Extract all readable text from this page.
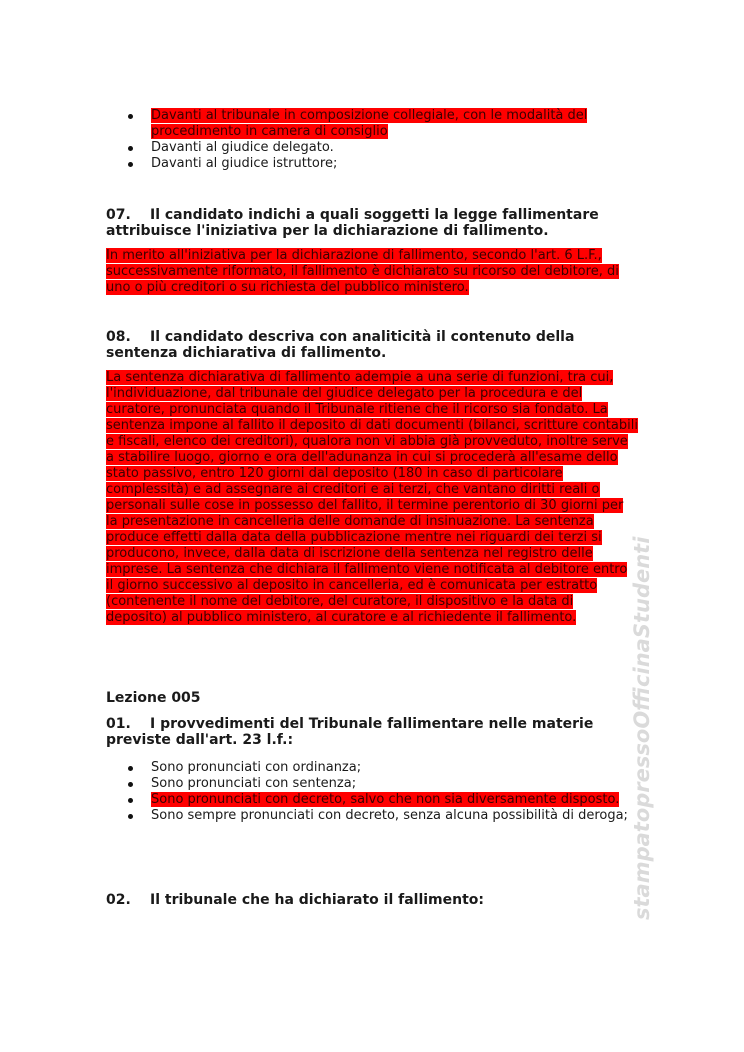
Davanti al tribunale in composizione collegiale, con le modalità del procedimento in camera di consiglio
Davanti al giudice delegato.
Davanti al giudice istruttore;

07. Il candidato indichi a quali soggetti la legge fallimentare attribuisce l'iniziativa per la dichiarazione di fallimento.

In merito all'iniziativa per la dichiarazione di fallimento, secondo l'art. 6 L.F., successivamente riformato, il fallimento è dichiarato su ricorso del debitore, di uno o più creditori o su richiesta del pubblico ministero.

08. Il candidato descriva con analiticità il contenuto della sentenza dichiarativa di fallimento.

La sentenza dichiarativa di fallimento adempie a una serie di funzioni, tra cui, l'individuazione, dal tribunale del giudice delegato per la procedura e del curatore, pronunciata quando il Tribunale ritiene che il ricorso sia fondato. La sentenza impone al fallito il deposito di dati documenti (bilanci, scritture contabili e fiscali, elenco dei creditori), qualora non vi abbia già provveduto, inoltre serve a stabilire luogo, giorno e ora dell'adunanza in cui si procederà all'esame dello stato passivo, entro 120 giorni dal deposito (180 in caso di particolare complessità) e ad assegnare ai creditori e ai terzi, che vantano diritti reali o personali sulle cose in possesso del fallito, il termine perentorio di 30 giorni per la presentazione in cancelleria delle domande di insinuazione. La sentenza produce effetti dalla data della pubblicazione mentre nei riguardi dei terzi si producono, invece, dalla data di iscrizione della sentenza nel registro delle imprese. La sentenza che dichiara il fallimento viene notificata al debitore entro il giorno successivo al deposito in cancelleria, ed è comunicata per estratto (contenente il nome del debitore, del curatore, il dispositivo e la data di deposito) al pubblico ministero, al curatore e al richiedente il fallimento.

Lezione 005

01. I provvedimenti del Tribunale fallimentare nelle materie previste dall'art. 23 l.f.:

Sono pronunciati con ordinanza;
Sono pronunciati con sentenza;
Sono pronunciati con decreto, salvo che non sia diversamente disposto.
Sono sempre pronunciati con decreto, senza alcuna possibilità di deroga;

02. Il tribunale che ha dichiarato il fallimento:	stampatopressoOfficinaStudenti
